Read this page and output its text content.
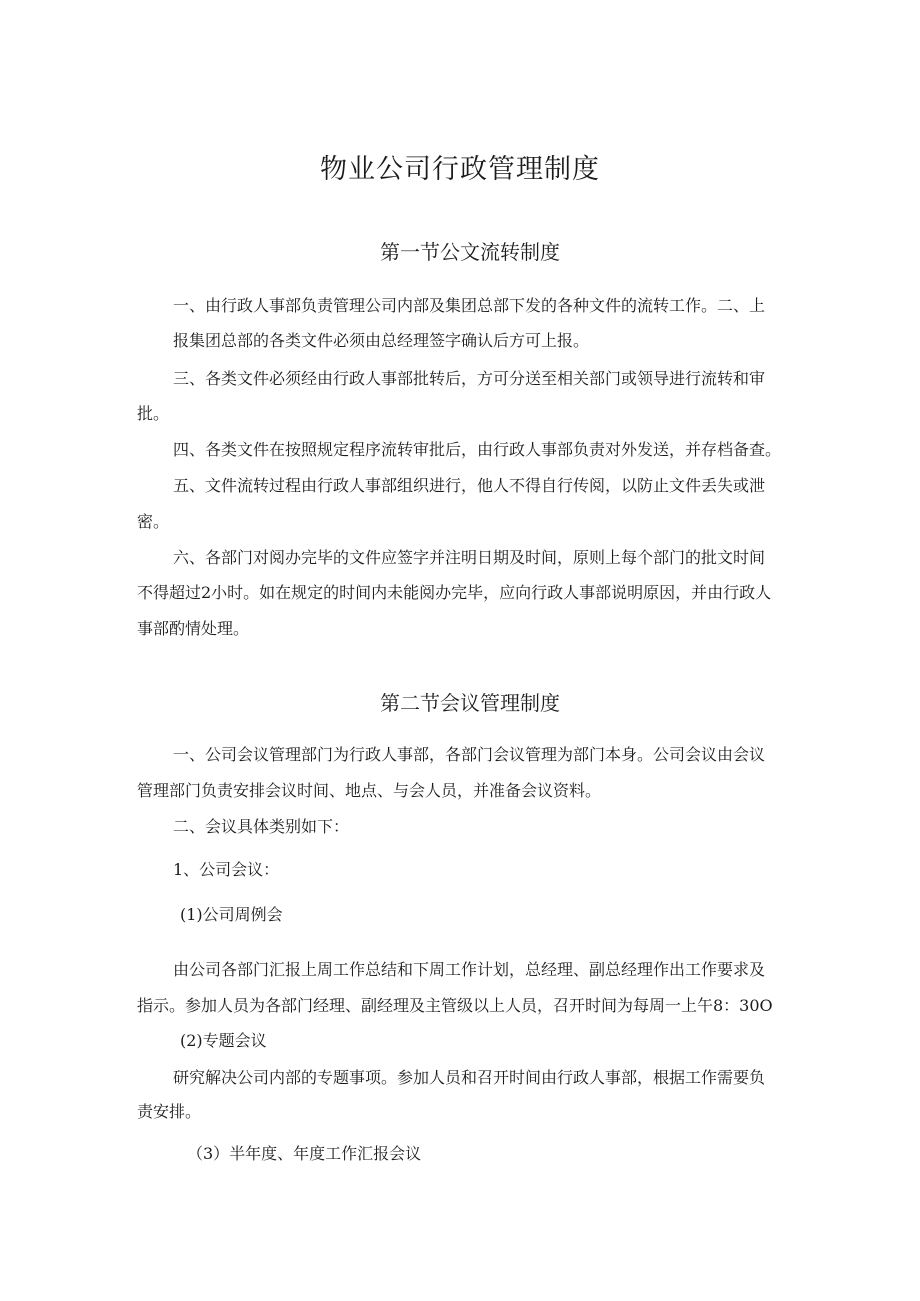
物业公司行政管理制度
第一节公文流转制度
一、由行政人事部负责管理公司内部及集团总部下发的各种文件的流转工作。二、上
报集团总部的各类文件必须由总经理签字确认后方可上报。
三、各类文件必须经由行政人事部批转后，方可分送至相关部门或领导进行流转和审
批。
四、各类文件在按照规定程序流转审批后，由行政人事部负责对外发送，并存档备查。
五、文件流转过程由行政人事部组织进行，他人不得自行传阅，以防止文件丢失或泄
密。
六、各部门对阅办完毕的文件应签字并注明日期及时间，原则上每个部门的批文时间
不得超过2小时。如在规定的时间内未能阅办完毕，应向行政人事部说明原因，并由行政人
事部酌情处理。
第二节会议管理制度
一、公司会议管理部门为行政人事部，各部门会议管理为部门本身。公司会议由会议
管理部门负责安排会议时间、地点、与会人员，并准备会议资料。
二、会议具体类别如下：
1、公司会议：
(1)公司周例会
由公司各部门汇报上周工作总结和下周工作计划，总经理、副总经理作出工作要求及
指示。参加人员为各部门经理、副经理及主管级以上人员，召开时间为每周一上午8：30O
(2)专题会议
研究解决公司内部的专题事项。参加人员和召开时间由行政人事部，根据工作需要负
责安排。
（3）半年度、年度工作汇报会议
